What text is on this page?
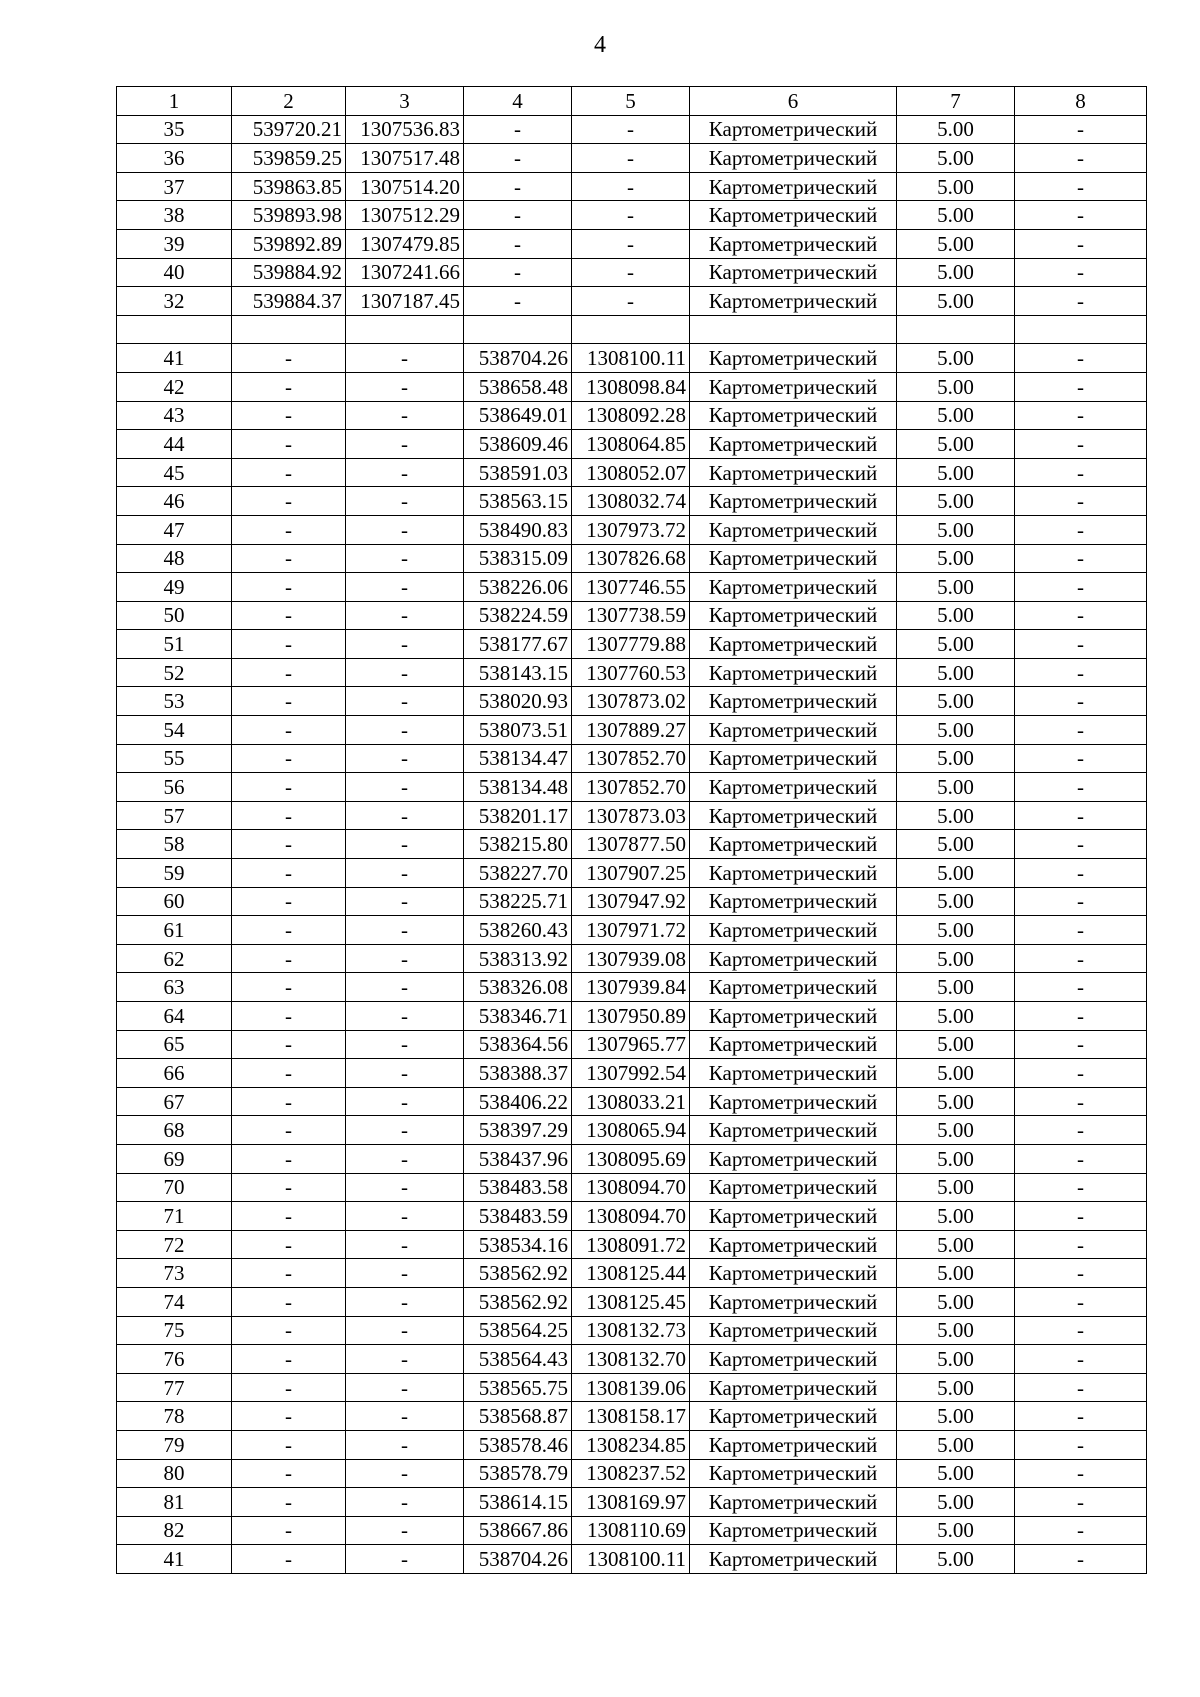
4
1	2	3	4	5	6	7	8
35	539720.21	1307536.83	-	-	Картометрический	5.00	-
36	539859.25	1307517.48	-	-	Картометрический	5.00	-
37	539863.85	1307514.20	-	-	Картометрический	5.00	-
38	539893.98	1307512.29	-	-	Картометрический	5.00	-
39	539892.89	1307479.85	-	-	Картометрический	5.00	-
40	539884.92	1307241.66	-	-	Картометрический	5.00	-
32	539884.37	1307187.45	-	-	Картометрический	5.00	-

41	-	-	538704.26	1308100.11	Картометрический	5.00	-
42	-	-	538658.48	1308098.84	Картометрический	5.00	-
43	-	-	538649.01	1308092.28	Картометрический	5.00	-
44	-	-	538609.46	1308064.85	Картометрический	5.00	-
45	-	-	538591.03	1308052.07	Картометрический	5.00	-
46	-	-	538563.15	1308032.74	Картометрический	5.00	-
47	-	-	538490.83	1307973.72	Картометрический	5.00	-
48	-	-	538315.09	1307826.68	Картометрический	5.00	-
49	-	-	538226.06	1307746.55	Картометрический	5.00	-
50	-	-	538224.59	1307738.59	Картометрический	5.00	-
51	-	-	538177.67	1307779.88	Картометрический	5.00	-
52	-	-	538143.15	1307760.53	Картометрический	5.00	-
53	-	-	538020.93	1307873.02	Картометрический	5.00	-
54	-	-	538073.51	1307889.27	Картометрический	5.00	-
55	-	-	538134.47	1307852.70	Картометрический	5.00	-
56	-	-	538134.48	1307852.70	Картометрический	5.00	-
57	-	-	538201.17	1307873.03	Картометрический	5.00	-
58	-	-	538215.80	1307877.50	Картометрический	5.00	-
59	-	-	538227.70	1307907.25	Картометрический	5.00	-
60	-	-	538225.71	1307947.92	Картометрический	5.00	-
61	-	-	538260.43	1307971.72	Картометрический	5.00	-
62	-	-	538313.92	1307939.08	Картометрический	5.00	-
63	-	-	538326.08	1307939.84	Картометрический	5.00	-
64	-	-	538346.71	1307950.89	Картометрический	5.00	-
65	-	-	538364.56	1307965.77	Картометрический	5.00	-
66	-	-	538388.37	1307992.54	Картометрический	5.00	-
67	-	-	538406.22	1308033.21	Картометрический	5.00	-
68	-	-	538397.29	1308065.94	Картометрический	5.00	-
69	-	-	538437.96	1308095.69	Картометрический	5.00	-
70	-	-	538483.58	1308094.70	Картометрический	5.00	-
71	-	-	538483.59	1308094.70	Картометрический	5.00	-
72	-	-	538534.16	1308091.72	Картометрический	5.00	-
73	-	-	538562.92	1308125.44	Картометрический	5.00	-
74	-	-	538562.92	1308125.45	Картометрический	5.00	-
75	-	-	538564.25	1308132.73	Картометрический	5.00	-
76	-	-	538564.43	1308132.70	Картометрический	5.00	-
77	-	-	538565.75	1308139.06	Картометрический	5.00	-
78	-	-	538568.87	1308158.17	Картометрический	5.00	-
79	-	-	538578.46	1308234.85	Картометрический	5.00	-
80	-	-	538578.79	1308237.52	Картометрический	5.00	-
81	-	-	538614.15	1308169.97	Картометрический	5.00	-
82	-	-	538667.86	1308110.69	Картометрический	5.00	-
41	-	-	538704.26	1308100.11	Картометрический	5.00	-
